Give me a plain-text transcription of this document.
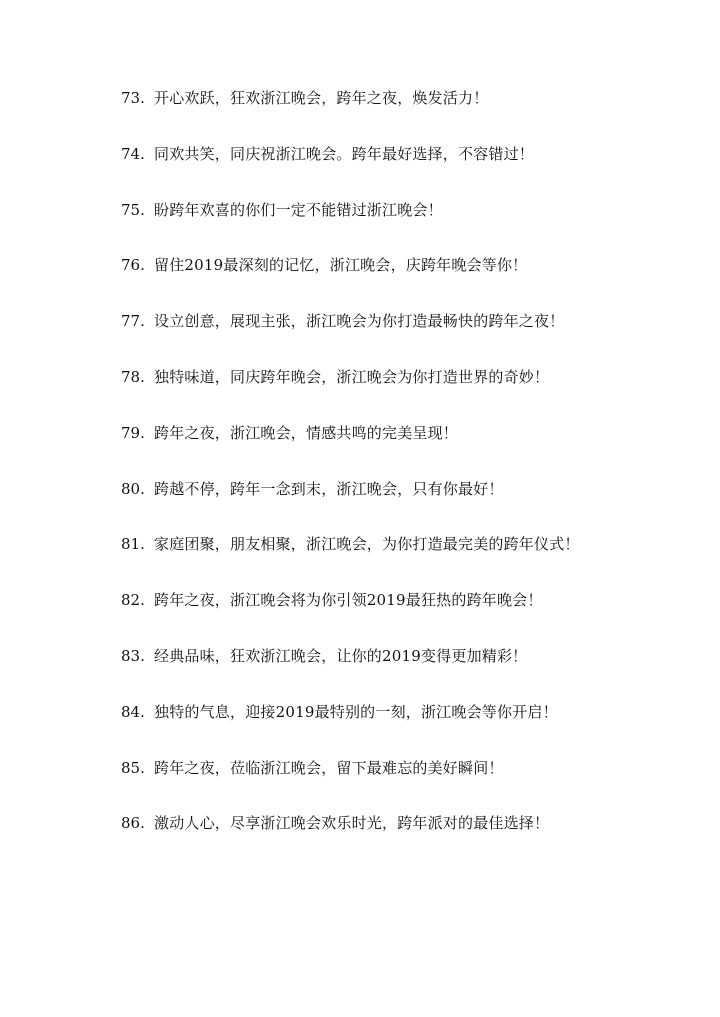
73. 开心欢跃，狂欢浙江晚会，跨年之夜，焕发活力！
74. 同欢共笑，同庆祝浙江晚会。跨年最好选择，不容错过！
75. 盼跨年欢喜的你们一定不能错过浙江晚会！
76. 留住2019最深刻的记忆，浙江晚会，庆跨年晚会等你！
77. 设立创意，展现主张，浙江晚会为你打造最畅快的跨年之夜！
78. 独特味道，同庆跨年晚会，浙江晚会为你打造世界的奇妙！
79. 跨年之夜，浙江晚会，情感共鸣的完美呈现！
80. 跨越不停，跨年一念到末，浙江晚会，只有你最好！
81. 家庭团聚，朋友相聚，浙江晚会，为你打造最完美的跨年仪式！
82. 跨年之夜，浙江晚会将为你引领2019最狂热的跨年晚会！
83. 经典品味，狂欢浙江晚会，让你的2019变得更加精彩！
84. 独特的气息，迎接2019最特别的一刻，浙江晚会等你开启！
85. 跨年之夜，莅临浙江晚会，留下最难忘的美好瞬间！
86. 激动人心，尽享浙江晚会欢乐时光，跨年派对的最佳选择！
